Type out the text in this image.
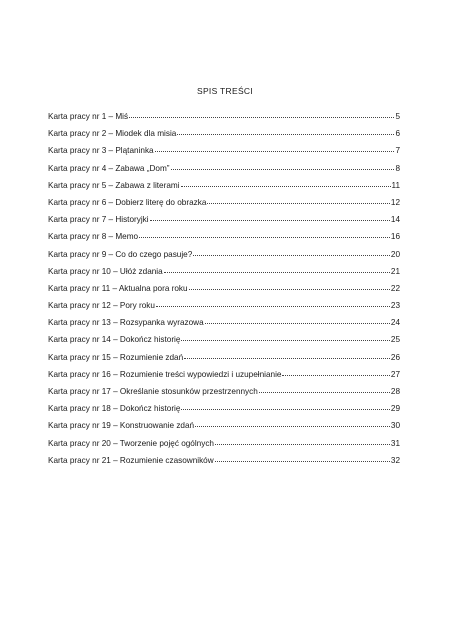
SPIS TREŚCI
Karta pracy nr 1 – Miś	5
Karta pracy nr 2 – Miodek dla misia	6
Karta pracy nr 3 – Plątaninka	7
Karta pracy nr 4 – Zabawa „Dom”	8
Karta pracy nr 5 – Zabawa z literami	11
Karta pracy nr 6 – Dobierz literę do obrazka	12
Karta pracy nr 7 – Historyjki	14
Karta pracy nr 8 – Memo	16
Karta pracy nr 9 – Co do czego pasuje?	20
Karta pracy nr 10 – Ułóż zdania	21
Karta pracy nr 11 – Aktualna pora roku	22
Karta pracy nr 12 – Pory roku	23
Karta pracy nr 13 – Rozsypanka wyrazowa	24
Karta pracy nr 14 – Dokończ historię	25
Karta pracy nr 15 – Rozumienie zdań	26
Karta pracy nr 16 – Rozumienie treści wypowiedzi i uzupełnianie	27
Karta pracy nr 17 – Określanie stosunków przestrzennych	28
Karta pracy nr 18 – Dokończ historię	29
Karta pracy nr 19 – Konstruowanie zdań	30
Karta pracy nr 20 – Tworzenie pojęć ogólnych	31
Karta pracy nr 21 – Rozumienie czasowników	32
